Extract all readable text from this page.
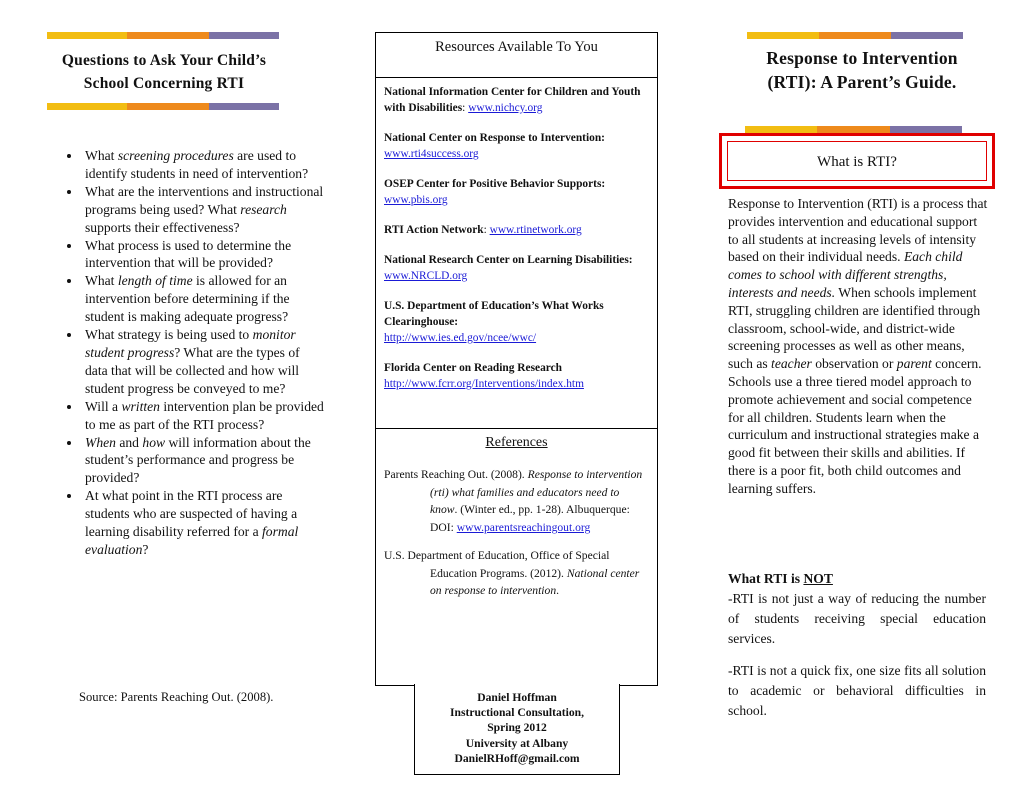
Questions to Ask Your Child’s School Concerning RTI
• What screening procedures are used to identify students in need of intervention?
• What are the interventions and instructional programs being used? What research supports their effectiveness?
• What process is used to determine the intervention that will be provided?
• What length of time is allowed for an intervention before determining if the student is making adequate progress?
• What strategy is being used to monitor student progress? What are the types of data that will be collected and how will student progress be conveyed to me?
• Will a written intervention plan be provided to me as part of the RTI process?
• When and how will information about the student’s performance and progress be provided?
• At what point in the RTI process are students who are suspected of having a learning disability referred for a formal evaluation?
Source: Parents Reaching Out. (2008).
Resources Available To You
National Information Center for Children and Youth with Disabilities: www.nichcy.org
National Center on Response to Intervention: www.rti4success.org
OSEP Center for Positive Behavior Supports: www.pbis.org
RTI Action Network: www.rtinetwork.org
National Research Center on Learning Disabilities: www.NRCLD.org
U.S. Department of Education’s What Works Clearinghouse:
http://www.ies.ed.gov/ncee/wwc/
Florida Center on Reading Research
http://www.fcrr.org/Interventions/index.htm
References
Parents Reaching Out. (2008). Response to intervention (rti) what families and educators need to know. (Winter ed., pp. 1-28). Albuquerque: DOI: www.parentsreachingout.org
U.S. Department of Education, Office of Special Education Programs. (2012). National center on response to intervention.
Daniel Hoffman
Instructional Consultation,
Spring 2012
University at Albany
DanielRHoff@gmail.com
Response to Intervention (RTI): A Parent’s Guide.
What is RTI?
Response to Intervention (RTI) is a process that provides intervention and educational support to all students at increasing levels of intensity based on their individual needs. Each child comes to school with different strengths, interests and needs. When schools implement RTI, struggling children are identified through classroom, school-wide, and district-wide screening processes as well as other means, such as teacher observation or parent concern. Schools use a three tiered model approach to promote achievement and social competence for all children. Students learn when the curriculum and instructional strategies make a good fit between their skills and abilities. If there is a poor fit, both child outcomes and learning suffers.
What RTI is NOT
-RTI is not just a way of reducing the number of students receiving special education services.
-RTI is not a quick fix, one size fits all solution to academic or behavioral difficulties in school.
